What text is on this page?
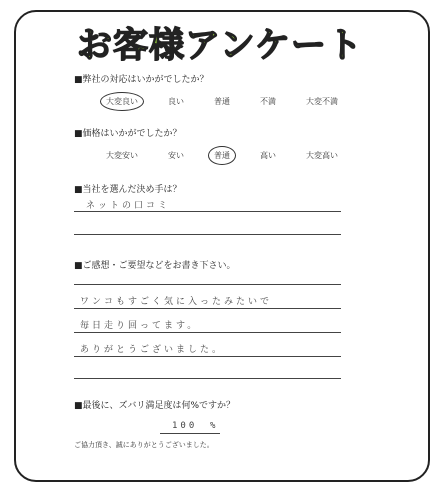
お客様アンケート
■弊社の対応はいかがでしたか？
大変良い	良い	普通	不満	大変不満
■価格はいかがでしたか？
大変安い	安い	普通	高い	大変高い
■当社を選んだ決め手は？
ネットの口コミ
■ご感想・ご要望などをお書き下さい。
ワンコもすごく気に入ったみたいで
毎日走り回ってます。
ありがとうございました。
■最後に、ズバリ満足度は何%ですか？
100 %
ご協力頂き、誠にありがとうございました。
